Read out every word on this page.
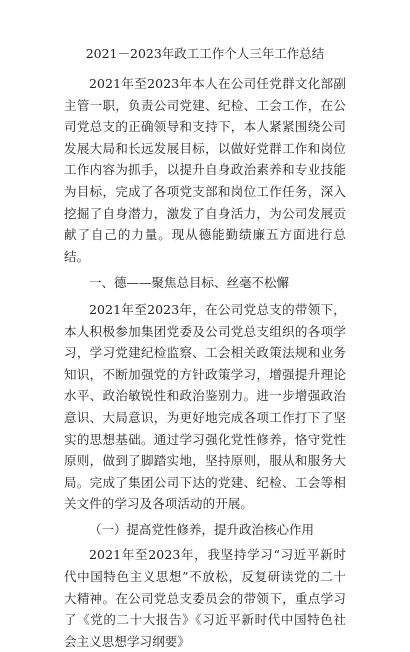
2021－2023年政工工作个人三年工作总结

2021年至2023年本人在公司任党群文化部副主管一职，负责公司党建、纪检、工会工作，在公司党总支的正确领导和支持下，本人紧紧围绕公司发展大局和长远发展目标，以做好党群工作和岗位工作内容为抓手，以提升自身政治素养和专业技能为目标，完成了各项党支部和岗位工作任务，深入挖掘了自身潜力，激发了自身活力，为公司发展贡献了自己的力量。现从德能勤绩廉五方面进行总结。

一、德——聚焦总目标、丝毫不松懈

2021年至2023年，在公司党总支的带领下，本人积极参加集团党委及公司党总支组织的各项学习，学习党建纪检监察、工会相关政策法规和业务知识，不断加强党的方针政策学习，增强提升理论水平、政治敏锐性和政治鉴别力。进一步增强政治意识、大局意识，为更好地完成各项工作打下了坚实的思想基础。通过学习强化党性修养，恪守党性原则，做到了脚踏实地，坚持原则，服从和服务大局。完成了集团公司下达的党建、纪检、工会等相关文件的学习及各项活动的开展。

（一）提高党性修养，提升政治核心作用

2021年至2023年，我坚持学习“习近平新时代中国特色主义思想”不放松，反复研读党的二十大精神。在公司党总支委员会的带领下，重点学习了《党的二十大报告》《习近平新时代中国特色社会主义思想学习纲要》
